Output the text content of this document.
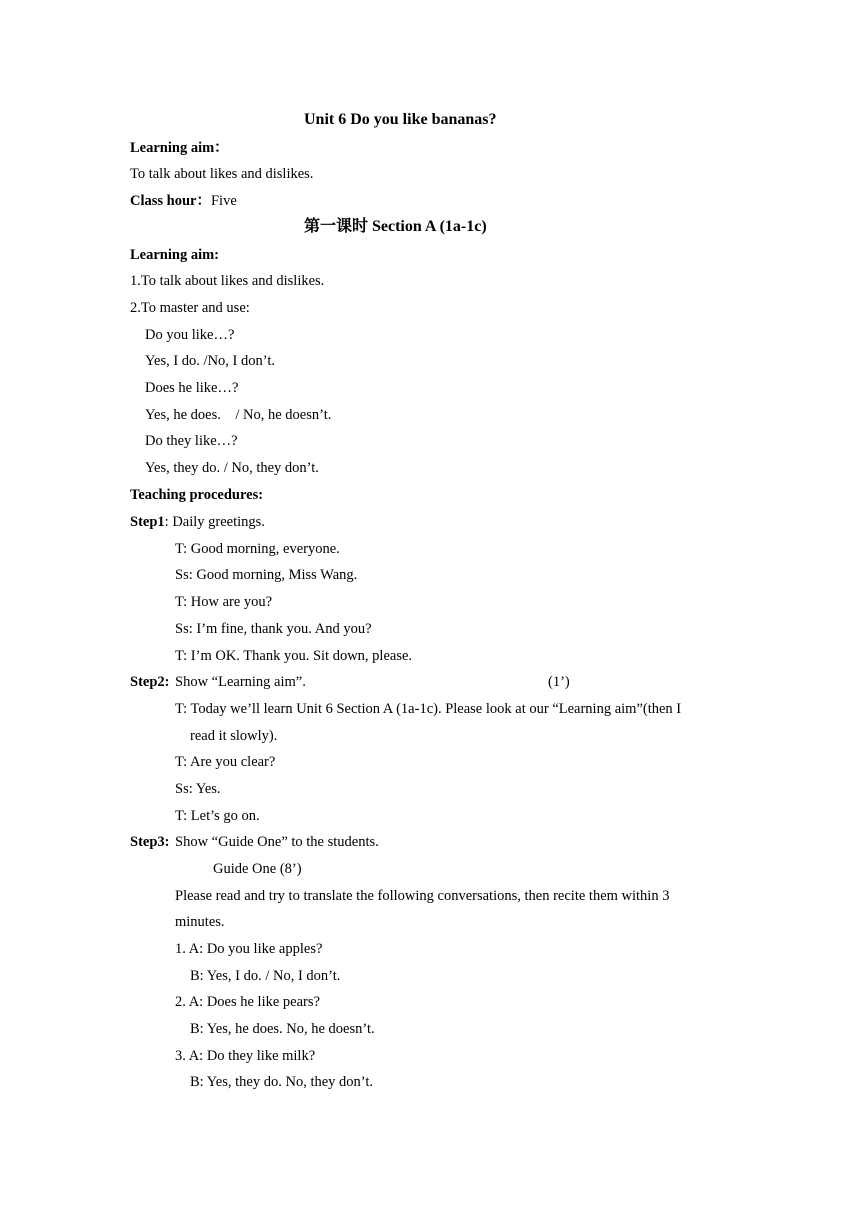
Unit 6 Do you like bananas?
Learning aim：
To talk about likes and dislikes.
Class hour：Five
第一课时 Section A (1a-1c)
Learning aim:
1.To talk about likes and dislikes.
2.To master and use:
Do you like…?
Yes, I do. /No, I don’t.
Does he like…?
Yes, he does.    / No, he doesn’t.
Do they like…?
Yes, they do. / No, they don’t.
Teaching procedures:
Step1: Daily greetings.
T: Good morning, everyone.
Ss: Good morning, Miss Wang.
T: How are you?
Ss: I’m fine, thank you. And you?
T: I’m OK. Thank you. Sit down, please.
Step2: Show “Learning aim”.	(1’)
T: Today we’ll learn Unit 6 Section A (1a-1c). Please look at our “Learning aim”(then I
read it slowly).
T: Are you clear?
Ss: Yes.
T: Let’s go on.
Step3: Show “Guide One” to the students.
Guide One (8’)
Please read and try to translate the following conversations, then recite them within 3
minutes.
1. A: Do you like apples?
B: Yes, I do. / No, I don’t.
2. A: Does he like pears?
B: Yes, he does. No, he doesn’t.
3. A: Do they like milk?
B: Yes, they do. No, they don’t.
